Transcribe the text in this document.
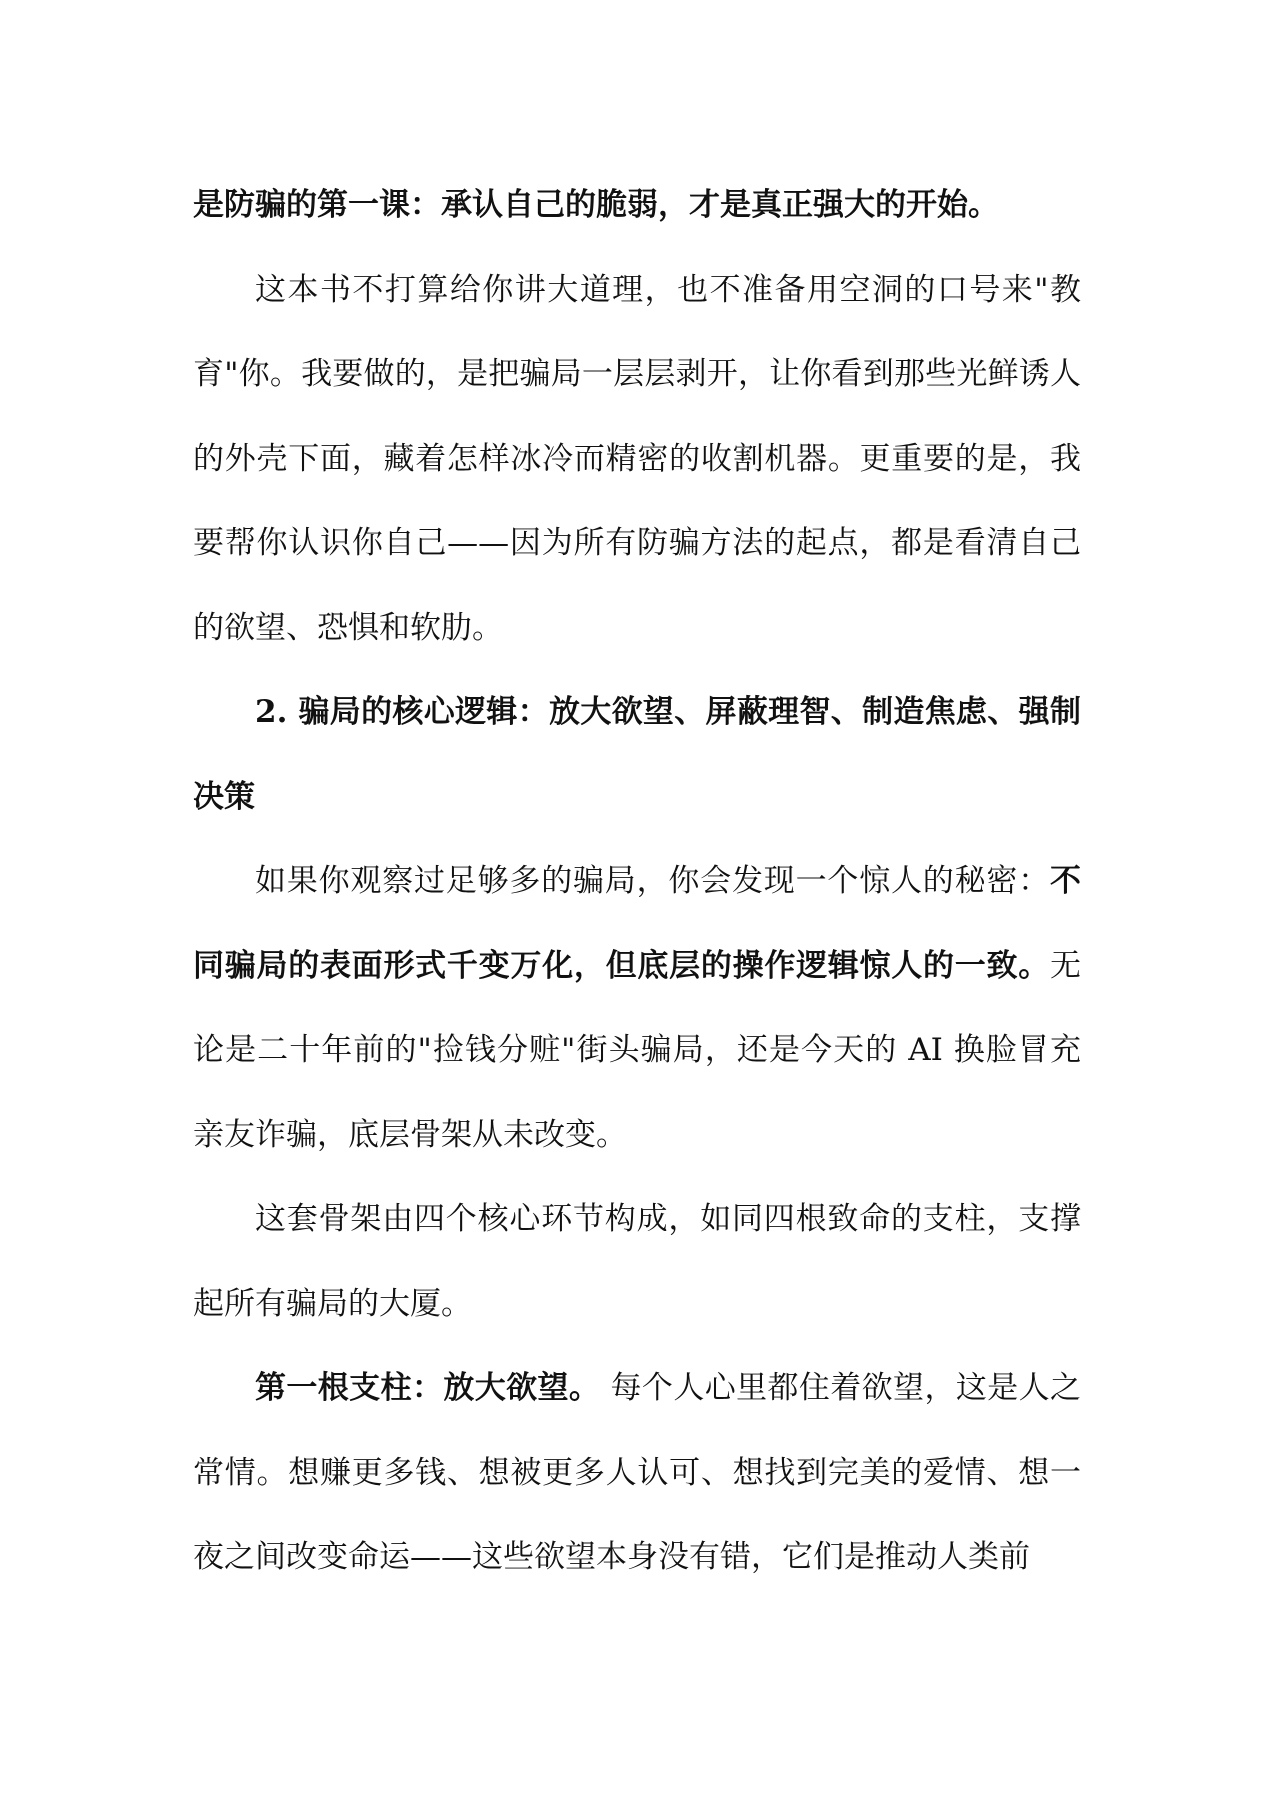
是防骗的第一课：承认自己的脆弱，才是真正强大的开始。

这本书不打算给你讲大道理，也不准备用空洞的口号来"教育"你。我要做的，是把骗局一层层剥开，让你看到那些光鲜诱人的外壳下面，藏着怎样冰冷而精密的收割机器。更重要的是，我要帮你认识你自己——因为所有防骗方法的起点，都是看清自己的欲望、恐惧和软肋。

2. 骗局的核心逻辑：放大欲望、屏蔽理智、制造焦虑、强制决策

如果你观察过足够多的骗局，你会发现一个惊人的秘密：不同骗局的表面形式千变万化，但底层的操作逻辑惊人的一致。无论是二十年前的"捡钱分赃"街头骗局，还是今天的 AI 换脸冒充亲友诈骗，底层骨架从未改变。

这套骨架由四个核心环节构成，如同四根致命的支柱，支撑起所有骗局的大厦。

第一根支柱：放大欲望。 每个人心里都住着欲望，这是人之常情。想赚更多钱、想被更多人认可、想找到完美的爱情、想一夜之间改变命运——这些欲望本身没有错，它们是推动人类前
